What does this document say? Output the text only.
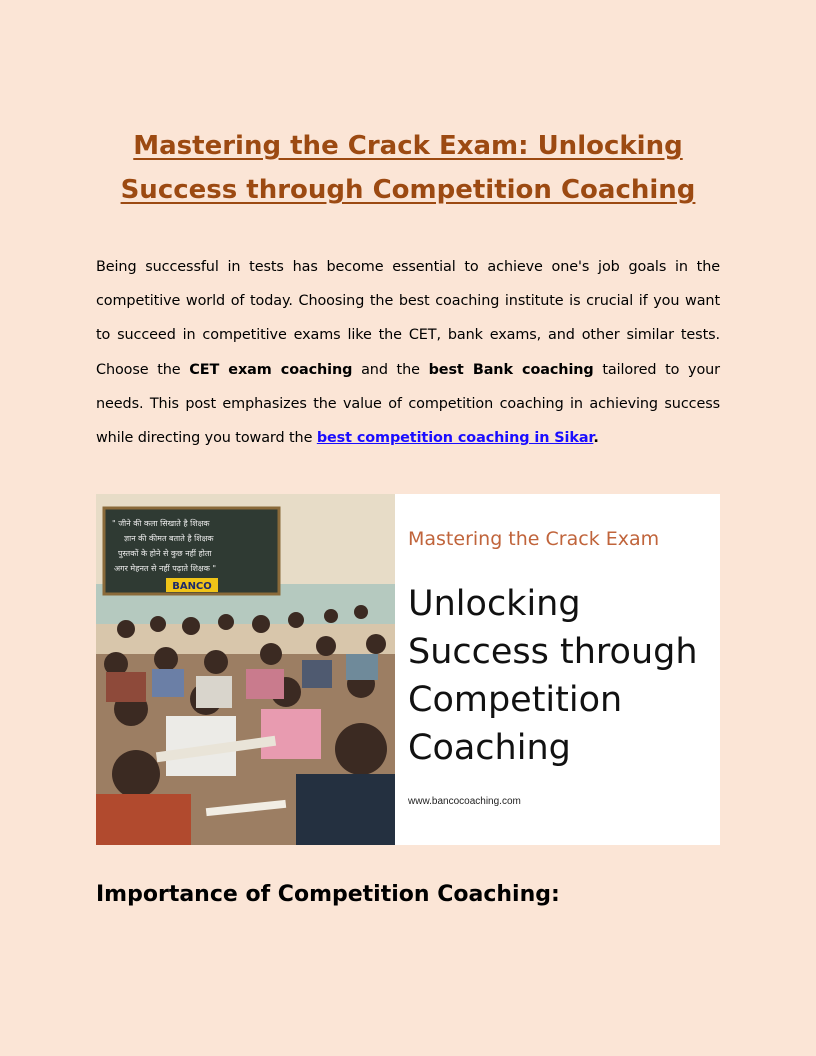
Mastering the Crack Exam: Unlocking Success through Competition Coaching

Being successful in tests has become essential to achieve one's job goals in the competitive world of today. Choosing the best coaching institute is crucial if you want to succeed in competitive exams like the CET, bank exams, and other similar tests. Choose the CET exam coaching and the best Bank coaching tailored to your needs. This post emphasizes the value of competition coaching in achieving success while directing you toward the best competition coaching in Sikar.

" जीने की कला सिखाते है शिक्षक
ज्ञान की कीमत बताते है शिक्षक
पुस्तकों के होने से कुछ नहीं होता
अगर मेहनत से नहीं पढ़ाते शिक्षक "
BANCO
Mastering the Crack Exam
Unlocking Success through Competition Coaching
www.bancocoaching.com
Importance of Competition Coaching:
